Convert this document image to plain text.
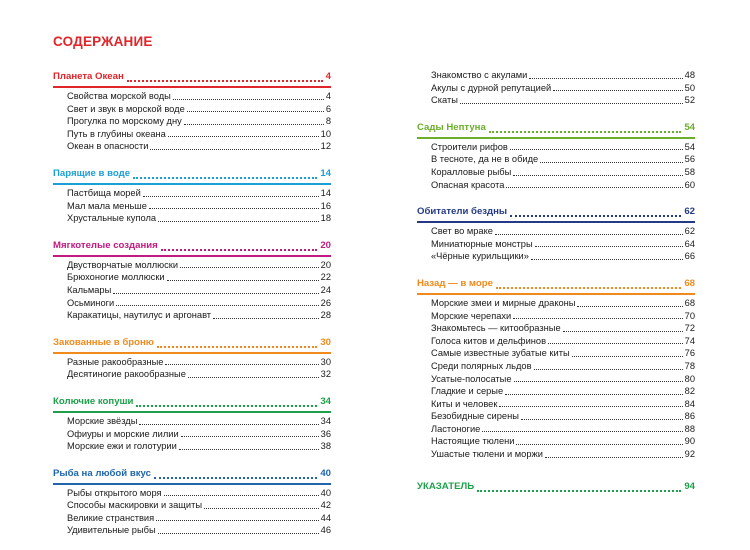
СОДЕРЖАНИЕ
Планета Океан	4
Свойства морской воды	4
Свет и звук в морской воде	6
Прогулка по морскому дну	8
Путь в глубины океана	10
Океан в опасности	12
Парящие в воде	14
Пастбища морей	14
Мал мала меньше	16
Хрустальные купола	18
Мягкотелые создания	20
Двустворчатые моллюски	20
Брюхоногие моллюски	22
Кальмары	24
Осьминоги	26
Каракатицы, наутилус и аргонавт	28
Закованные в броню	30
Разные ракообразные	30
Десятиногие ракообразные	32
Колючие копуши	34
Морские звёзды	34
Офиуры и морские лилии	36
Морские ежи и голотурии	38
Рыба на любой вкус	40
Рыбы открытого моря	40
Способы маскировки и защиты	42
Великие странствия	44
Удивительные рыбы	46
Знакомство с акулами	48
Акулы с дурной репутацией	50
Скаты	52
Сады Нептуна	54
Строители рифов	54
В тесноте, да не в обиде	56
Коралловые рыбы	58
Опасная красота	60
Обитатели бездны	62
Свет во мраке	62
Миниатюрные монстры	64
«Чёрные курильщики»	66
Назад — в море	68
Морские змеи и мирные драконы	68
Морские черепахи	70
Знакомьтесь — китообразные	72
Голоса китов и дельфинов	74
Самые известные зубатые киты	76
Среди полярных льдов	78
Усатые-полосатые	80
Гладкие и серые	82
Киты и человек	84
Безобидные сирены	86
Ластоногие	88
Настоящие тюлени	90
Ушастые тюлени и моржи	92
УКАЗАТЕЛЬ	94
